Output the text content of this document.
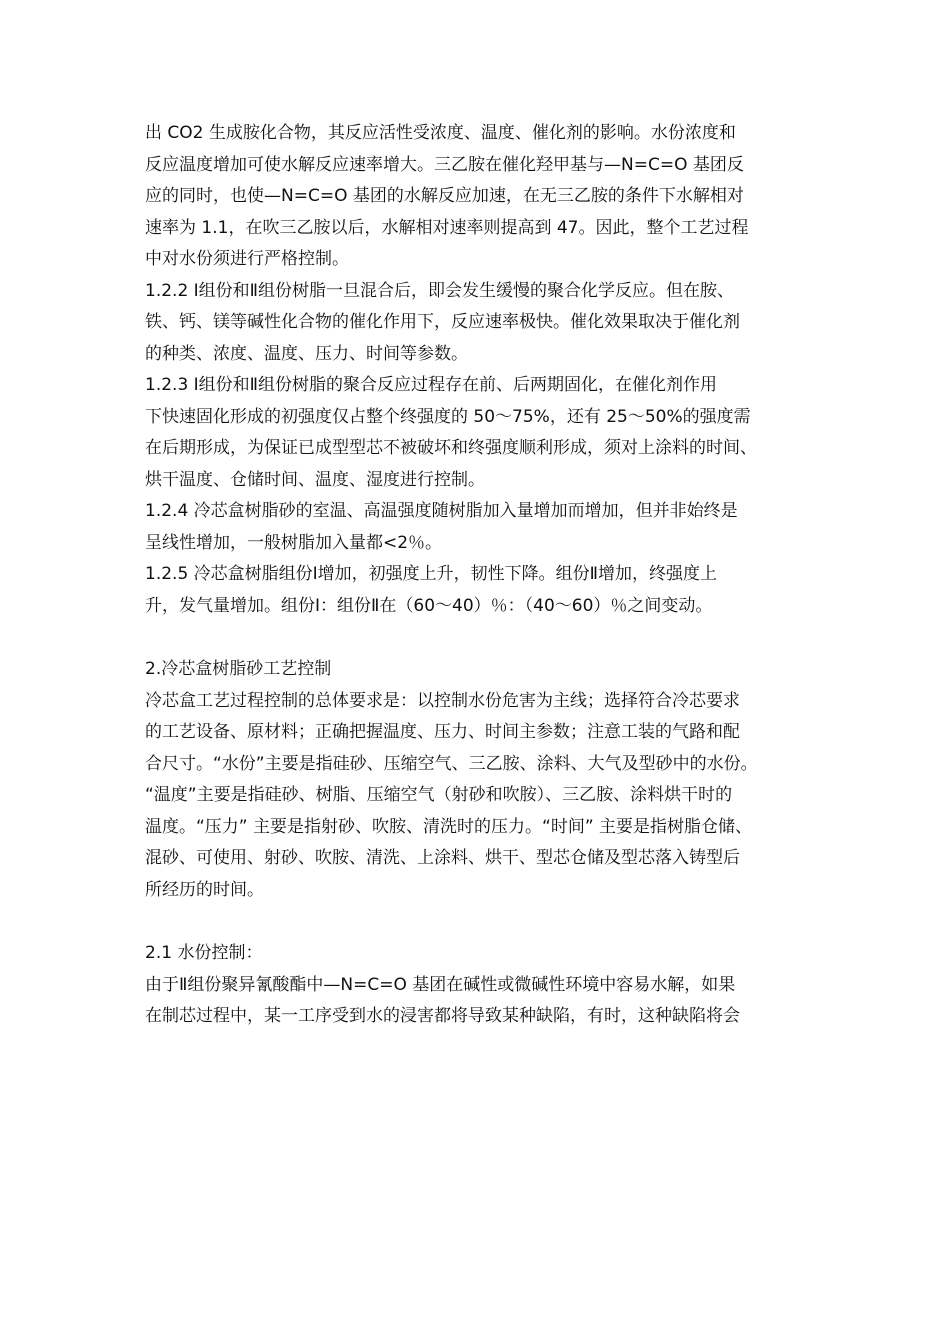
出 CO2 生成胺化合物，其反应活性受浓度、温度、催化剂的影响。水份浓度和
反应温度增加可使水解反应速率增大。三乙胺在催化羟甲基与—N=C=O 基团反
应的同时，也使—N=C=O 基团的水解反应加速，在无三乙胺的条件下水解相对
速率为 1.1，在吹三乙胺以后，水解相对速率则提高到 47。因此，整个工艺过程
中对水份须进行严格控制。
1.2.2 Ⅰ组份和Ⅱ组份树脂一旦混合后，即会发生缓慢的聚合化学反应。但在胺、
铁、钙、镁等碱性化合物的催化作用下，反应速率极快。催化效果取决于催化剂
的种类、浓度、温度、压力、时间等参数。
1.2.3 Ⅰ组份和Ⅱ组份树脂的聚合反应过程存在前、后两期固化，在催化剂作用
下快速固化形成的初强度仅占整个终强度的 50～75%，还有 25～50%的强度需
在后期形成，为保证已成型型芯不被破坏和终强度顺利形成，须对上涂料的时间、
烘干温度、仓储时间、温度、湿度进行控制。
1.2.4 冷芯盒树脂砂的室温、高温强度随树脂加入量增加而增加，但并非始终是
呈线性增加，一般树脂加入量都<2％。
1.2.5 冷芯盒树脂组份Ⅰ增加，初强度上升，韧性下降。组份Ⅱ增加，终强度上
升，发气量增加。组份Ⅰ：组份Ⅱ在（60～40）％：（40～60）％之间变动。
2.冷芯盒树脂砂工艺控制
冷芯盒工艺过程控制的总体要求是：以控制水份危害为主线；选择符合冷芯要求
的工艺设备、原材料；正确把握温度、压力、时间主参数；注意工装的气路和配
合尺寸。“水份”主要是指硅砂、压缩空气、三乙胺、涂料、大气及型砂中的水份。
“温度”主要是指硅砂、树脂、压缩空气（射砂和吹胺）、三乙胺、涂料烘干时的
温度。“压力” 主要是指射砂、吹胺、清洗时的压力。“时间” 主要是指树脂仓储、
混砂、可使用、射砂、吹胺、清洗、上涂料、烘干、型芯仓储及型芯落入铸型后
所经历的时间。
2.1 水份控制：
由于Ⅱ组份聚异氰酸酯中—N=C=O 基团在碱性或微碱性环境中容易水解，如果
在制芯过程中，某一工序受到水的浸害都将导致某种缺陷，有时，这种缺陷将会
